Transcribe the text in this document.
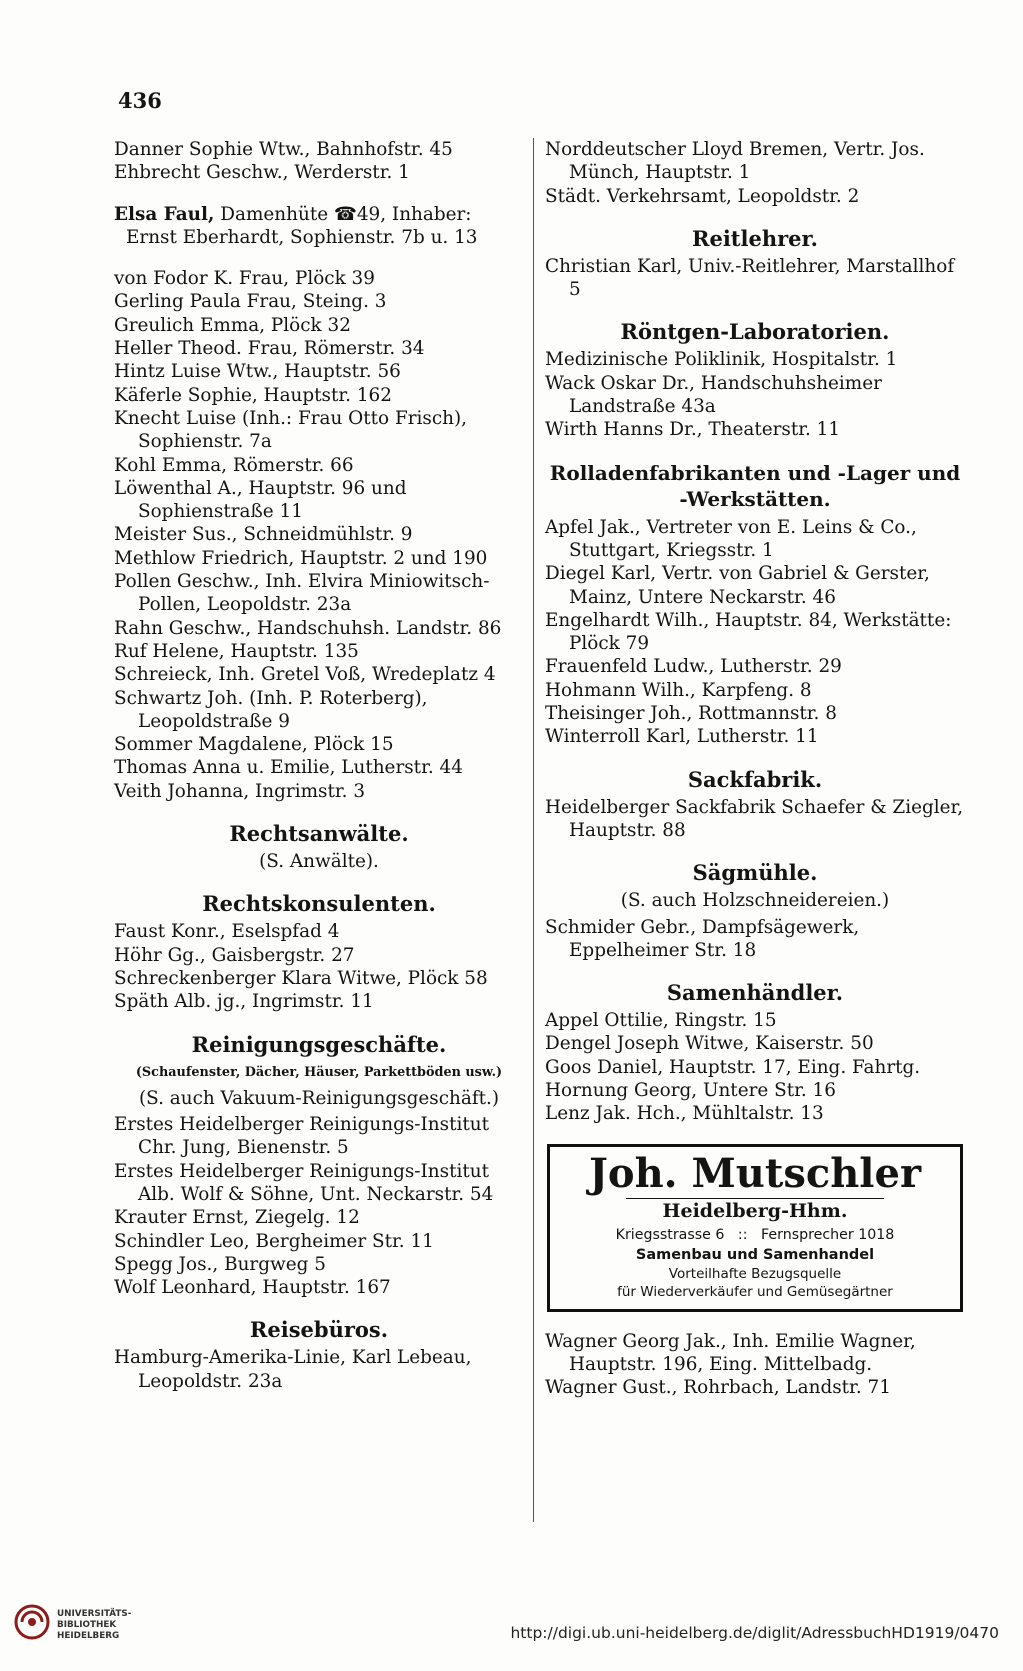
436
Danner Sophie Wtw., Bahnhofstr. 45
Ehbrecht Geschw., Werderstr. 1
Elsa Faul, Damenhüte ☎49, Inhaber: Ernst Eberhardt, Sophienstr. 7b u. 13
von Fodor K. Frau, Plöck 39
Gerling Paula Frau, Steing. 3
Greulich Emma, Plöck 32
Heller Theod. Frau, Römerstr. 34
Hintz Luise Wtw., Hauptstr. 56
Käferle Sophie, Hauptstr. 162
Knecht Luise (Inh.: Frau Otto Frisch), Sophienstr. 7a
Kohl Emma, Römerstr. 66
Löwenthal A., Hauptstr. 96 und Sophienstraße 11
Meister Sus., Schneidmühlstr. 9
Methlow Friedrich, Hauptstr. 2 und 190
Pollen Geschw., Inh. Elvira Miniowitsch-Pollen, Leopoldstr. 23a
Rahn Geschw., Handschuhsh. Landstr. 86
Ruf Helene, Hauptstr. 135
Schreieck, Inh. Gretel Voß, Wredeplatz 4
Schwartz Joh. (Inh. P. Roterberg), Leopoldstraße 9
Sommer Magdalene, Plöck 15
Thomas Anna u. Emilie, Lutherstr. 44
Veith Johanna, Ingrimstr. 3
Rechtsanwälte.
(S. Anwälte).
Rechtskonsulenten.
Faust Konr., Eselspfad 4
Höhr Gg., Gaisbergstr. 27
Schreckenberger Klara Witwe, Plöck 58
Späth Alb. jg., Ingrimstr. 11
Reinigungsgeschäfte.
(Schaufenster, Dächer, Häuser, Parkettböden usw.)
(S. auch Vakuum-Reinigungsgeschäft.)
Erstes Heidelberger Reinigungs-Institut Chr. Jung, Bienenstr. 5
Erstes Heidelberger Reinigungs-Institut Alb. Wolf & Söhne, Unt. Neckarstr. 54
Krauter Ernst, Ziegelg. 12
Schindler Leo, Bergheimer Str. 11
Spegg Jos., Burgweg 5
Wolf Leonhard, Hauptstr. 167
Reisebüros.
Hamburg-Amerika-Linie, Karl Lebeau, Leopoldstr. 23a
Norddeutscher Lloyd Bremen, Vertr. Jos. Münch, Hauptstr. 1
Städt. Verkehrsamt, Leopoldstr. 2
Reitlehrer.
Christian Karl, Univ.-Reitlehrer, Marstallhof 5
Röntgen-Laboratorien.
Medizinische Poliklinik, Hospitalstr. 1
Wack Oskar Dr., Handschuhsheimer Landstraße 43a
Wirth Hanns Dr., Theaterstr. 11
Rolladenfabrikanten und -Lager und -Werkstätten.
Apfel Jak., Vertreter von E. Leins & Co., Stuttgart, Kriegsstr. 1
Diegel Karl, Vertr. von Gabriel & Gerster, Mainz, Untere Neckarstr. 46
Engelhardt Wilh., Hauptstr. 84, Werkstätte: Plöck 79
Frauenfeld Ludw., Lutherstr. 29
Hohmann Wilh., Karpfeng. 8
Theisinger Joh., Rottmannstr. 8
Winterroll Karl, Lutherstr. 11
Sackfabrik.
Heidelberger Sackfabrik Schaefer & Ziegler, Hauptstr. 88
Sägmühle.
(S. auch Holzschneidereien.)
Schmider Gebr., Dampfsägewerk, Eppelheimer Str. 18
Samenhändler.
Appel Ottilie, Ringstr. 15
Dengel Joseph Witwe, Kaiserstr. 50
Goos Daniel, Hauptstr. 17, Eing. Fahrtg.
Hornung Georg, Untere Str. 16
Lenz Jak. Hch., Mühltalstr. 13
Joh. Mutschler
Heidelberg-Hhm.
Kriegsstrasse 6   ::   Fernsprecher 1018
Samenbau und Samenhandel
Vorteilhafte Bezugsquelle
für Wiederverkäufer und Gemüsegärtner
Wagner Georg Jak., Inh. Emilie Wagner, Hauptstr. 196, Eing. Mittelbadg.
Wagner Gust., Rohrbach, Landstr. 71
UNIVERSITÄTS-
BIBLIOTHEK
HEIDELBERG	http://digi.ub.uni-heidelberg.de/diglit/AdressbuchHD1919/0470
